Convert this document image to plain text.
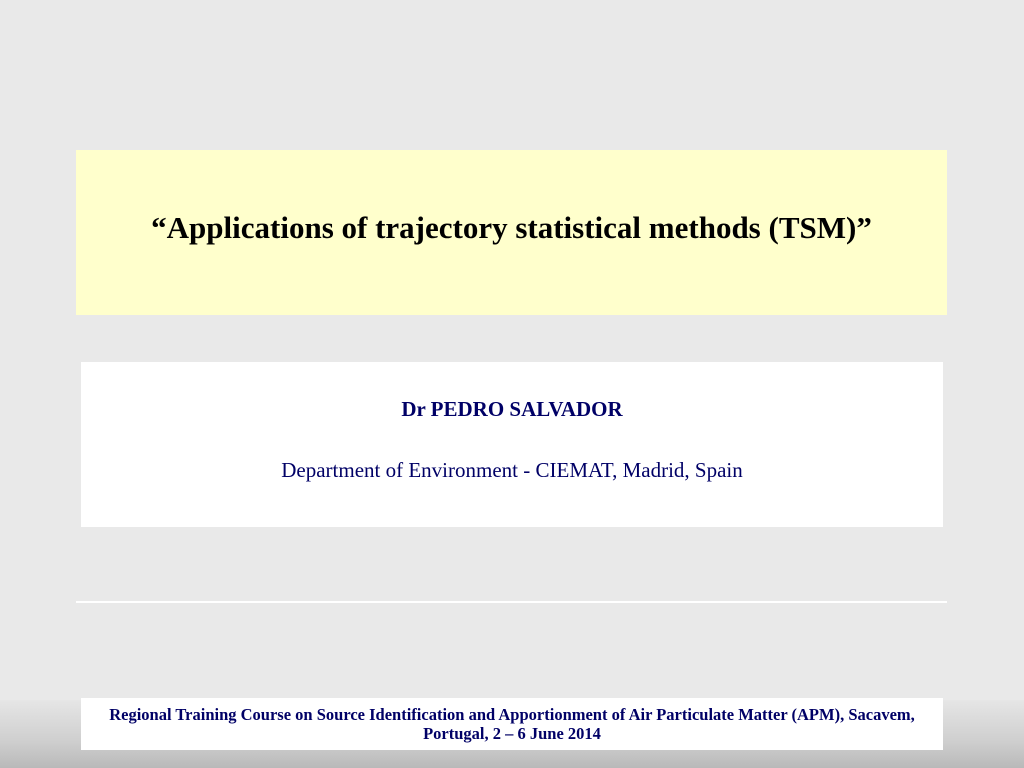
“Applications of trajectory statistical methods (TSM)”
Dr PEDRO SALVADOR
Department of Environment - CIEMAT, Madrid, Spain
Regional Training Course on Source Identification and Apportionment of Air Particulate Matter (APM), Sacavem, Portugal, 2 – 6 June 2014
